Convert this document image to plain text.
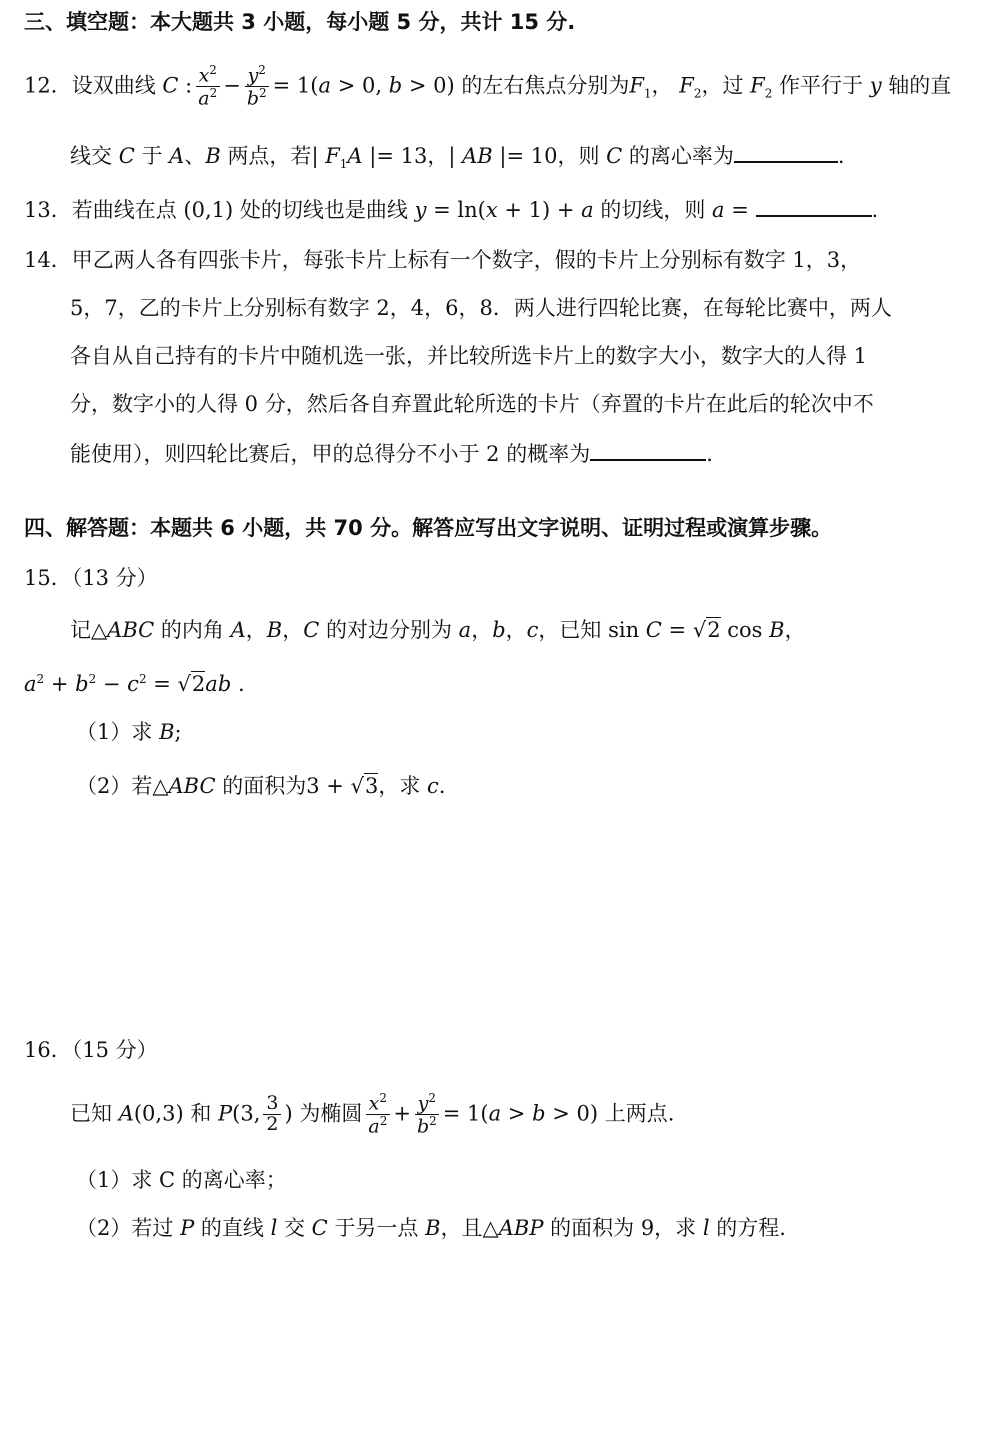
三、填空题：本大题共 3 小题，每小题 5 分，共计 15 分.
12．设双曲线 C : $\frac{x^2}{a^2} - \frac{y^2}{b^2} = 1(a > 0$, b > 0) 的左右焦点分别为$F_1$， $F_2$，过 $F_2$ 作平行于 y 轴的直
线交 C 于 A、B 两点，若| $F_1A$ |= 13，| AB |= 10，则 C 的离心率为	.
13．若曲线在点 (0,1) 处的切线也是曲线 y = ln(x + 1) + a 的切线，则 a =	.
14．甲乙两人各有四张卡片，每张卡片上标有一个数字，假的卡片上分别标有数字 1，3，
5，7，乙的卡片上分别标有数字 2，4，6，8．两人进行四轮比赛，在每轮比赛中，两人
各自从自己持有的卡片中随机选一张，并比较所选卡片上的数字大小，数字大的人得 1
分，数字小的人得 0 分，然后各自弃置此轮所选的卡片（弃置的卡片在此后的轮次中不
能使用），则四轮比赛后，甲的总得分不小于 2 的概率为	.
四、解答题：本题共 6 小题，共 70 分。解答应写出文字说明、证明过程或演算步骤。
15．（13 分）
记△ABC 的内角 A，B，C 的对边分别为 a，b，c，已知 sin C = √2 cos B，
$a^2 + b^2 - c^2 = √2ab$ .
（1）求 B;
（2）若△ABC 的面积为3 + √3，求 c.
16．（15 分）
已知 A(0,3) 和 P(3, $\frac{3}{2}$ ) 为椭圆 $\frac{x^2}{a^2} + \frac{y^2}{b^2} = 1(a > b > 0)$ 上两点.
（1）求 C 的离心率；
（2）若过 P 的直线 l 交 C 于另一点 B，且△ABP 的面积为 9，求 l 的方程.
